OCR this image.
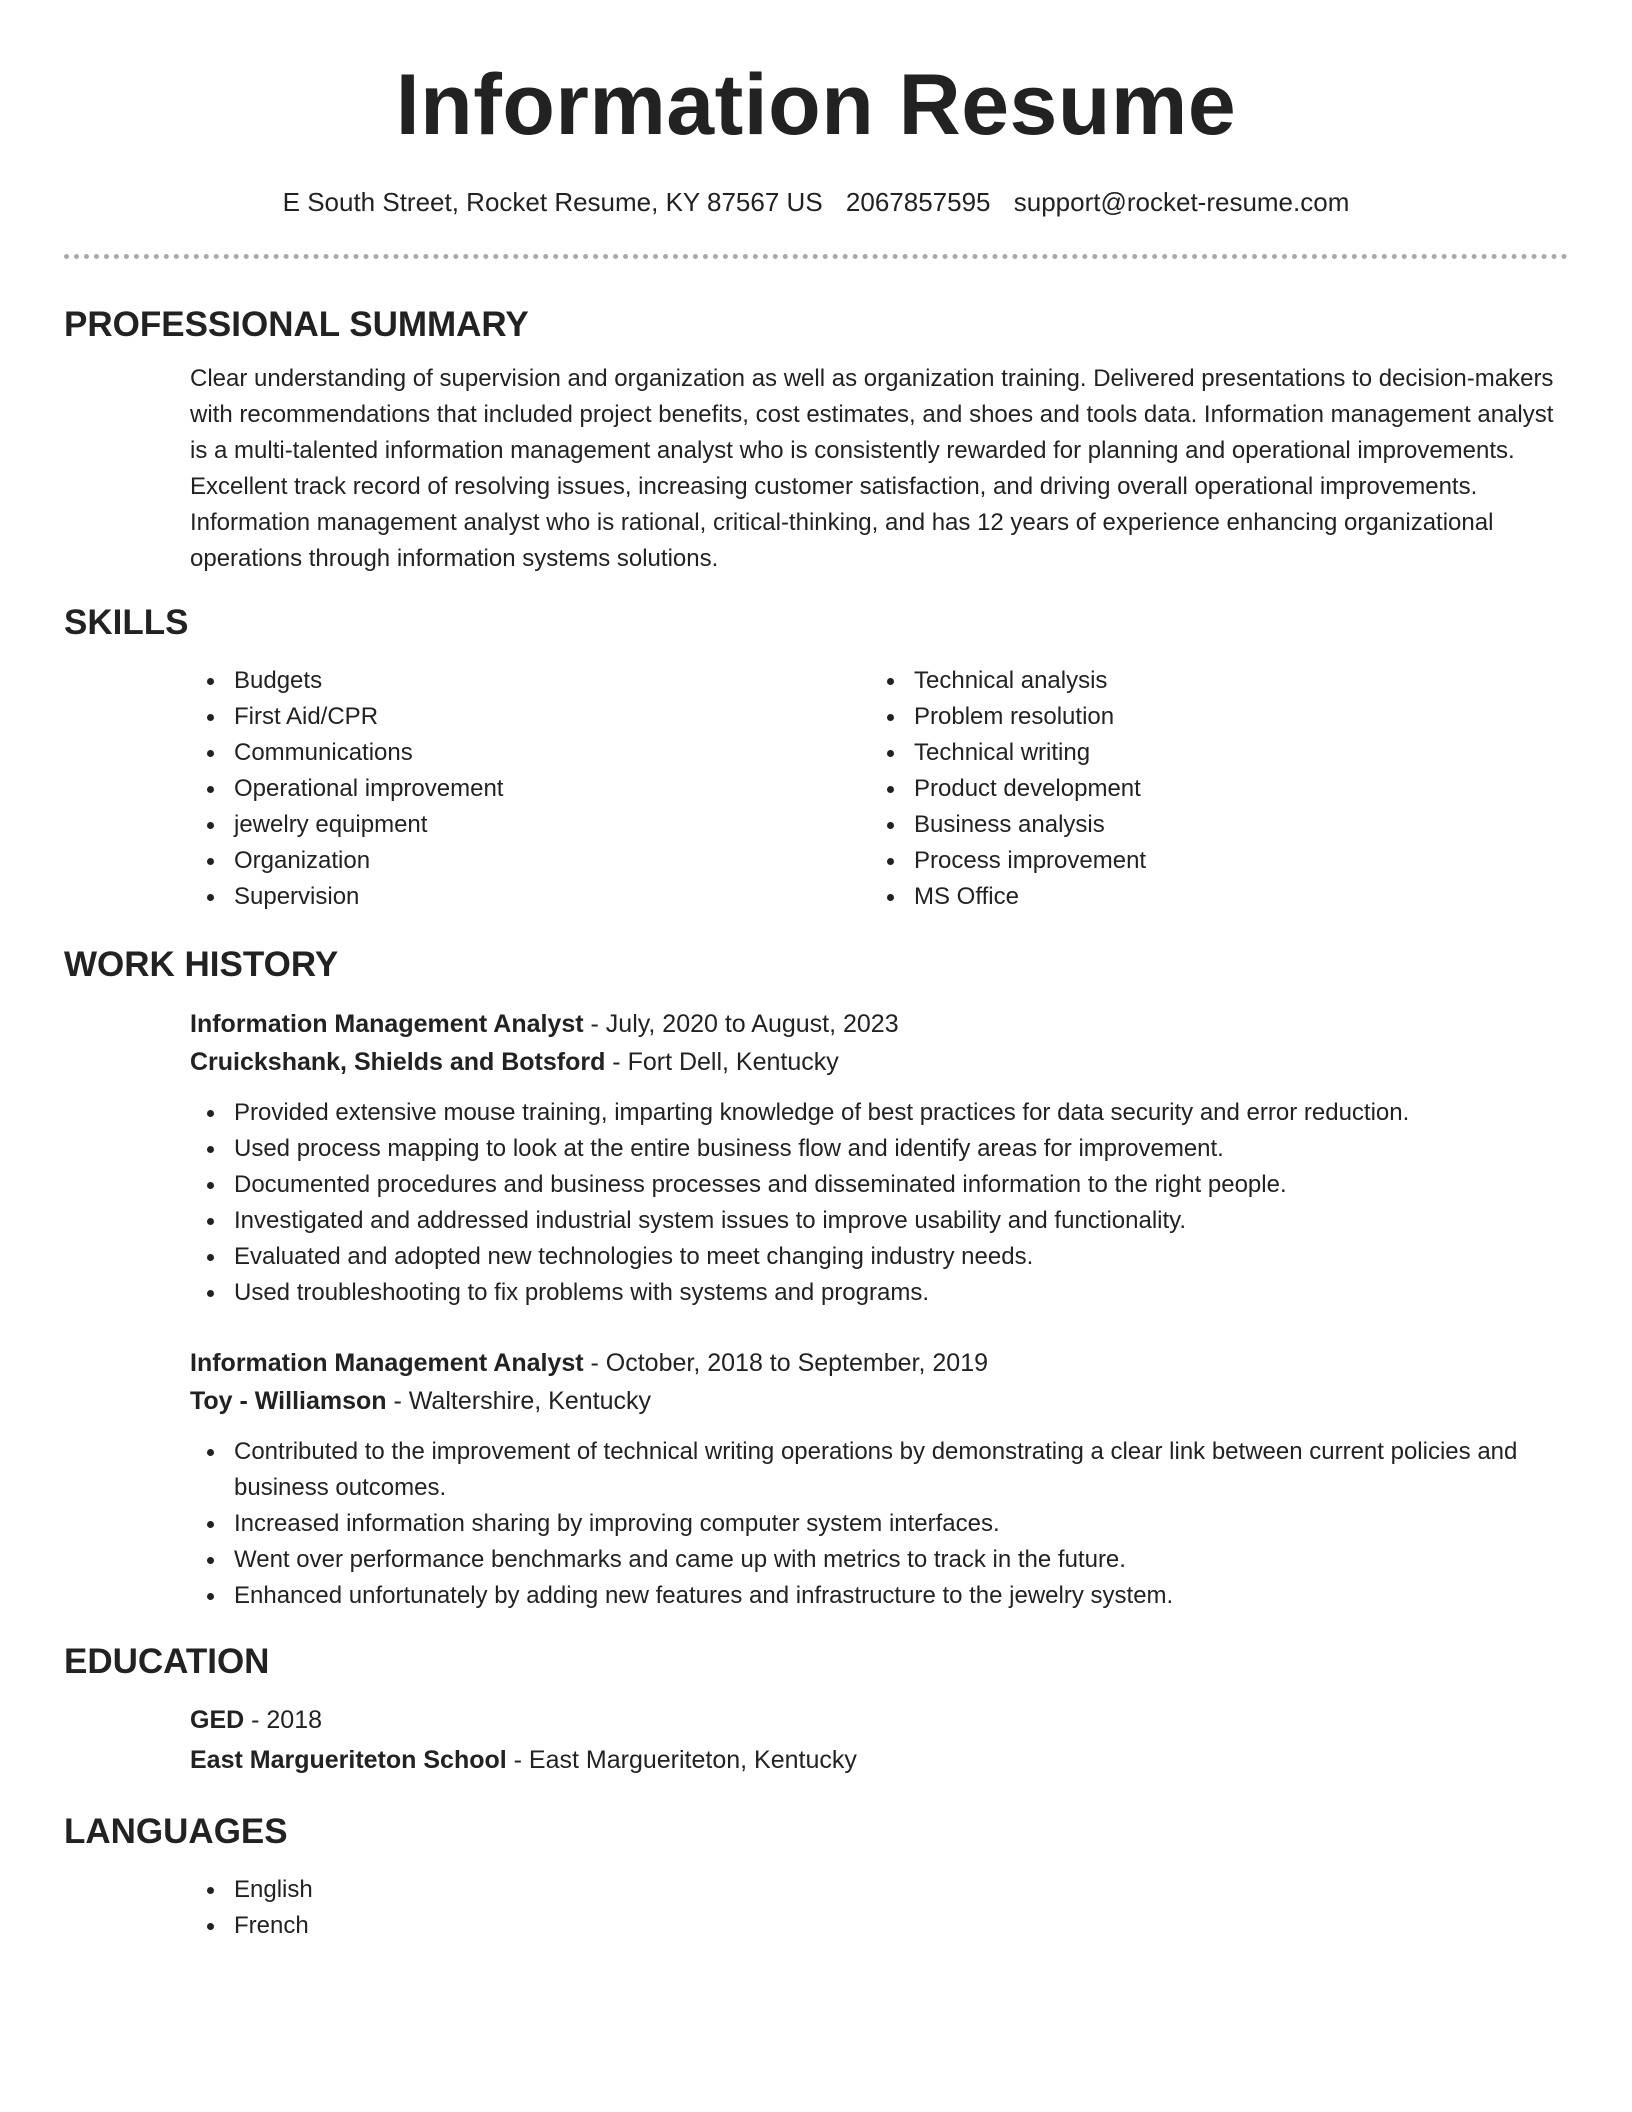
Information Resume
E South Street, Rocket Resume, KY 87567 US 2067857595 support@rocket-resume.com
PROFESSIONAL SUMMARY

Clear understanding of supervision and organization as well as organization training. Delivered presentations to decision-makers with recommendations that included project benefits, cost estimates, and shoes and tools data. Information management analyst is a multi-talented information management analyst who is consistently rewarded for planning and operational improvements. Excellent track record of resolving issues, increasing customer satisfaction, and driving overall operational improvements. Information management analyst who is rational, critical-thinking, and has 12 years of experience enhancing organizational operations through information systems solutions.

SKILLS
Budgets
First Aid/CPR
Communications
Operational improvement
jewelry equipment
Organization
Supervision
Technical analysis
Problem resolution
Technical writing
Product development
Business analysis
Process improvement
MS Office
WORK HISTORY
Information Management Analyst - July, 2020 to August, 2023
Cruickshank, Shields and Botsford - Fort Dell, Kentucky
Provided extensive mouse training, imparting knowledge of best practices for data security and error reduction.
Used process mapping to look at the entire business flow and identify areas for improvement.
Documented procedures and business processes and disseminated information to the right people.
Investigated and addressed industrial system issues to improve usability and functionality.
Evaluated and adopted new technologies to meet changing industry needs.
Used troubleshooting to fix problems with systems and programs.
Information Management Analyst - October, 2018 to September, 2019
Toy - Williamson - Waltershire, Kentucky
Contributed to the improvement of technical writing operations by demonstrating a clear link between current policies and business outcomes.
Increased information sharing by improving computer system interfaces.
Went over performance benchmarks and came up with metrics to track in the future.
Enhanced unfortunately by adding new features and infrastructure to the jewelry system.
EDUCATION
GED - 2018
East Margueriteton School - East Margueriteton, Kentucky
LANGUAGES
English
French
